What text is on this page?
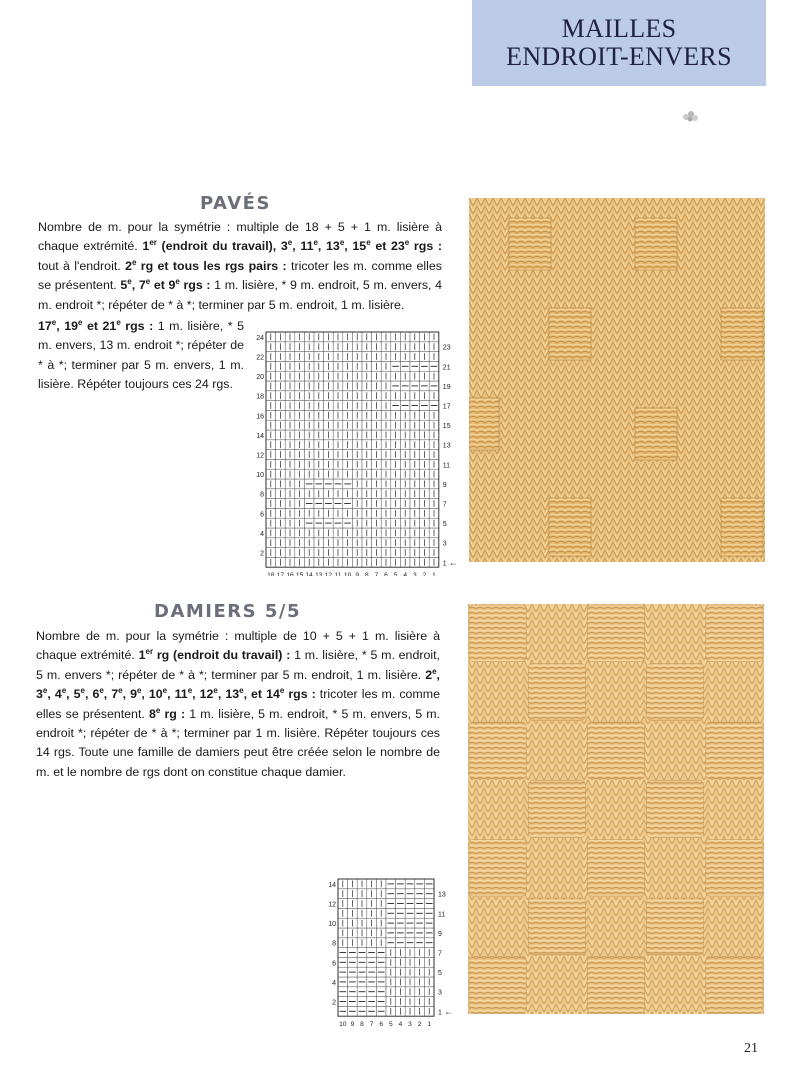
MAILLES
ENDROIT-ENVERS
PAVÉS

Nombre de m. pour la symétrie : multiple de 18 + 5 + 1 m. lisière à chaque extrémité. 1er (endroit du travail), 3e, 11e, 13e, 15e et 23e rgs : tout à l'endroit. 2e rg et tous les rgs pairs : tricoter les m. comme elles se présentent. 5e, 7e et 9e rgs : 1 m. lisière, * 9 m. endroit, 5 m. envers, 4 m. endroit *; répéter de * à *; terminer par 5 m. endroit, 1 m. lisière.

17e, 19e et 21e rgs : 1 m. lisière, * 5 m. envers, 13 m. endroit *; répéter de * à *; terminer par 5 m. envers, 1 m. lisière. Répéter toujours ces 24 rgs.

24
22
20
18
16
14
12
10
8
6
4
2
23
21
19
17
15
13
11
9
7
5
3
1 ←
18 17 16 15 14 13 12 11 10 9 8 7 6 5 4 3 2 1
DAMIERS 5/5

Nombre de m. pour la symétrie : multiple de 10 + 5 + 1 m. lisière à chaque extrémité. 1er rg (endroit du travail) : 1 m. lisière, * 5 m. endroit, 5 m. envers *; répéter de * à *; terminer par 5 m. endroit, 1 m. lisière. 2e, 3e, 4e, 5e, 6e, 7e, 9e, 10e, 11e, 12e, 13e, et 14e rgs : tricoter les m. comme elles se présentent. 8e rg : 1 m. lisière, 5 m. endroit, * 5 m. envers, 5 m. endroit *; répéter de * à *; terminer par 1 m. lisière. Répéter toujours ces 14 rgs. Toute une famille de damiers peut être créée selon le nombre de m. et le nombre de rgs dont on constitue chaque damier.

14
12
10
8
6
4
2
13
11
9
7
5
3
1 ←
10 9 8 7 6 5 4 3 2 1
21
